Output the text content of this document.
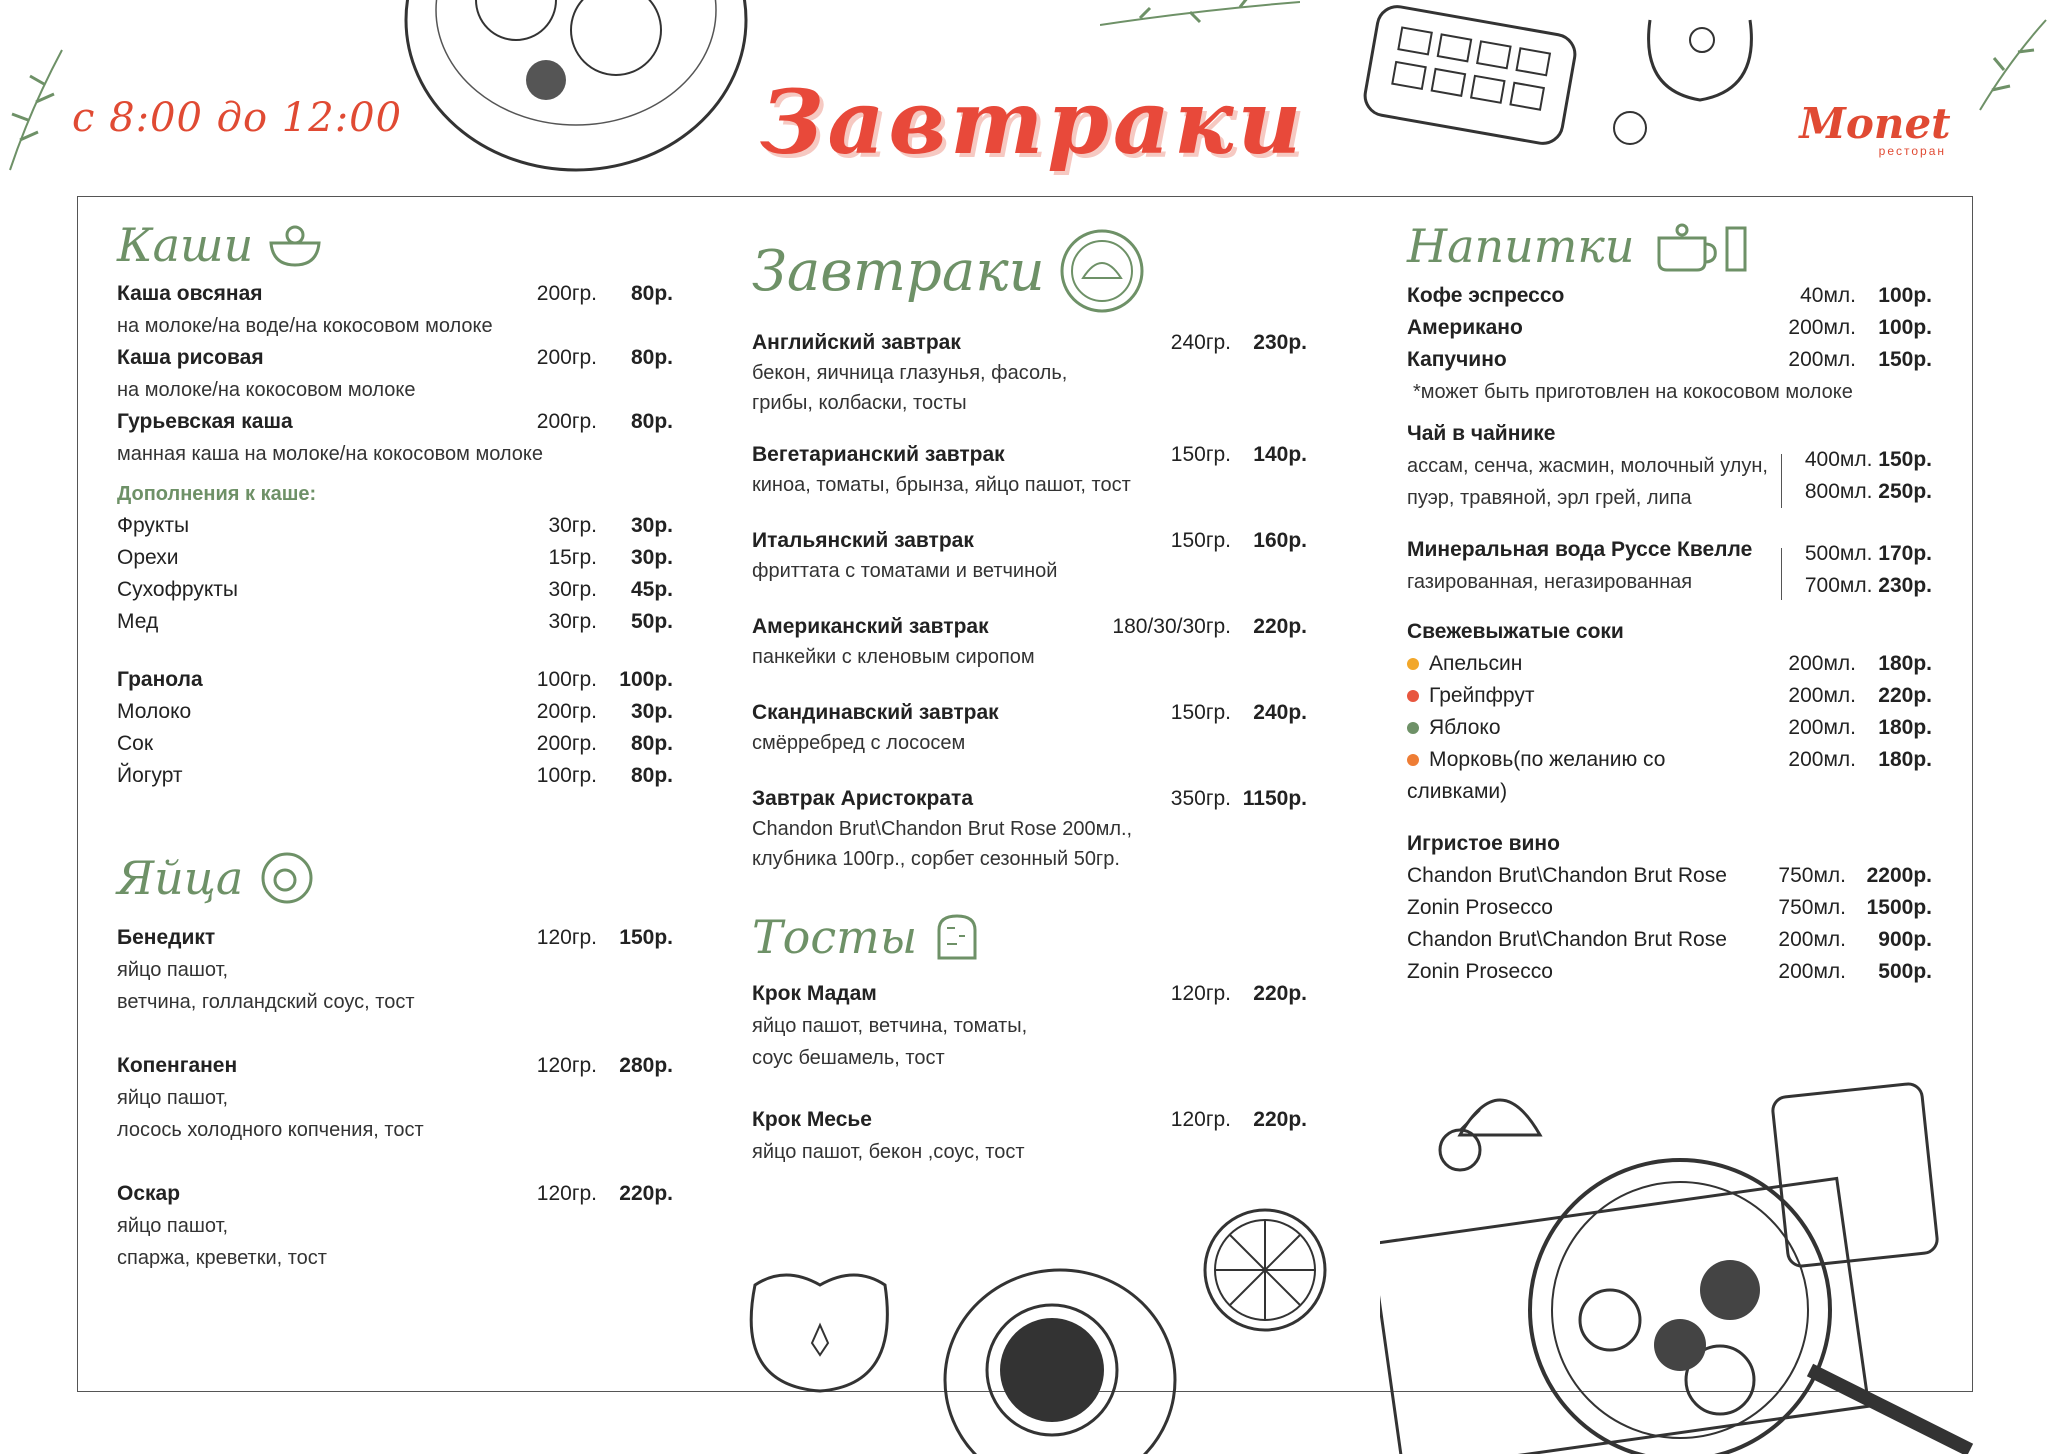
с 8:00 до 12:00	Завтраки	Monet
ресторан
Каши
Каша овсяная	200гр.	80р.
на молоке/на воде/на кокосовом молоке
Каша рисовая	200гр.	80р.
на молоке/на кокосовом молоке
Гурьевская каша	200гр.	80р.
манная каша на молоке/на кокосовом молоке
Дополнения к каше:
Фрукты	30гр.	30р.
Орехи	15гр.	30р.
Сухофрукты	30гр.	45р.
Мед	30гр.	50р.
Гранола	100гр.	100р.
Молоко	200гр.	30р.
Сок	200гр.	80р.
Йогурт	100гр.	80р.
Яйца
Бенедикт	120гр.	150р.
яйцо пашот,
ветчина, голландский соус, тост
Копенганен	120гр.	280р.
яйцо пашот,
лосось холодного копчения, тост
Оскар	120гр.	220р.
яйцо пашот,
спаржа, креветки, тост
Завтраки
Английский завтрак	240гр.	230р.
бекон, яичница глазунья, фасоль,
грибы, колбаски, тосты
Вегетарианский завтрак	150гр.	140р.
киноа, томаты, брынза, яйцо пашот, тост
Итальянский завтрак	150гр.	160р.
фриттата с томатами и ветчиной
Американский завтрак	180/30/30гр.	220р.
панкейки с кленовым сиропом
Скандинавский завтрак	150гр.	240р.
смёрребред с лососем
Завтрак Аристократа	350гр. 1150р.
Chandon Brut\Chandon Brut Rose 200мл.,
клубника 100гр., сорбет сезонный 50гр.
Тосты
Крок Мадам	120гр.	220р.
яйцо пашот, ветчина, томаты,
соус бешамель, тост
Крок Месье	120гр.	220р.
яйцо пашот, бекон ,соус, тост
Напитки
Кофе эспрессо	40мл.	100р.
Американо	200мл.	100р.
Капучино	200мл.	150р.
*может быть приготовлен на кокосовом молоке
Чай в чайнике
ассам, сенча, жасмин, молочный улун,
пуэр, травяной, эрл грей, липа
400мл. 150р.
800мл. 250р.
Минеральная вода Руссе Квелле
газированная, негазированная
500мл. 170р.
700мл. 230р.
Свежевыжатые соки
Апельсин	200мл.	180р.
Грейпфрут	200мл.	220р.
Яблоко	200мл.	180р.
Морковь(по желанию со сливками)
200мл.	180р.
Игристое вино
Chandon Brut\Chandon Brut Rose	750мл. 2200р.
Zonin Prosecco	750мл. 1500р.
Chandon Brut\Chandon Brut Rose	200мл.	900р.
Zonin Prosecco	200мл.	500р.
